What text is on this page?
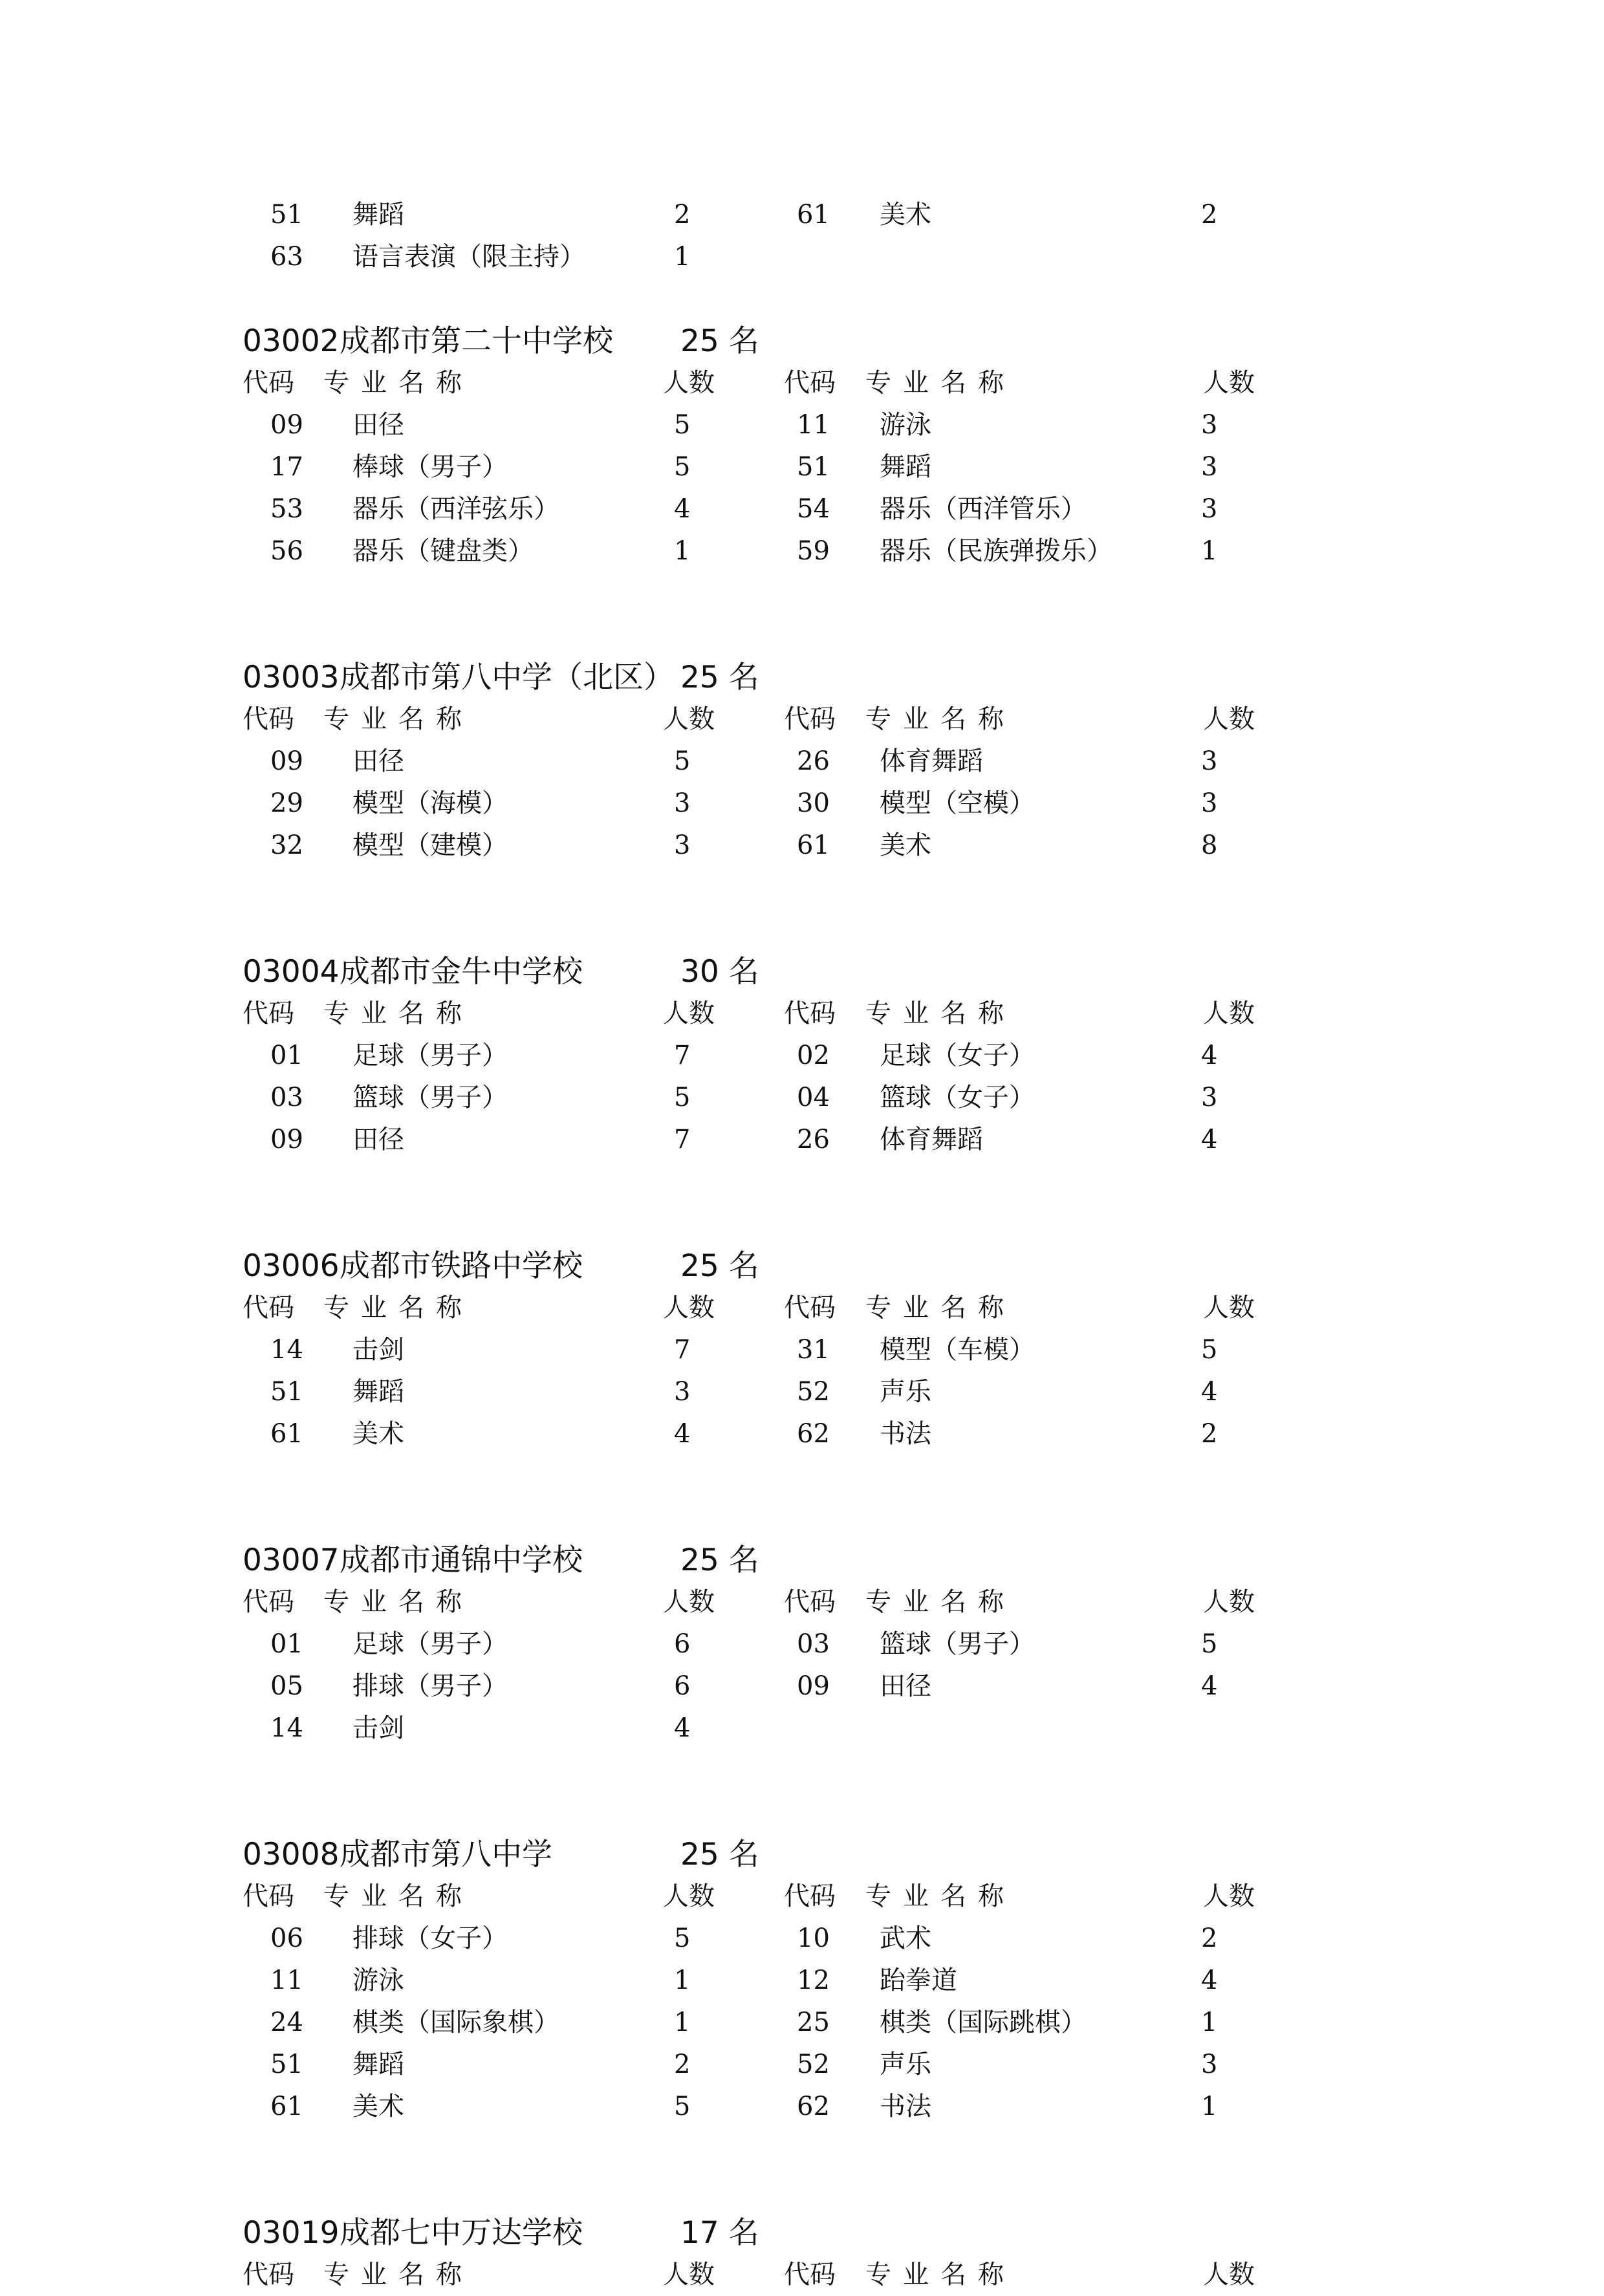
51 舞蹈	2	61 美术	2
63 语言表演（限主持）	1
03002成都市第二十中学校 25 名
代码 专业名称	人数	代码 专业名称	人数
09 田径	5	11 游泳	3
17 棒球（男子）	5	51 舞蹈	3
53 器乐（西洋弦乐）	4	54 器乐（西洋管乐）	3
56 器乐（键盘类）	1	59 器乐（民族弹拨乐）	1
03003成都市第八中学（北区） 25 名
代码 专业名称	人数	代码 专业名称	人数
09 田径	5	26 体育舞蹈	3
29 模型（海模）	3	30 模型（空模）	3
32 模型（建模）	3	61 美术	8
03004成都市金牛中学校	30 名
代码 专业名称	人数	代码 专业名称	人数
01 足球（男子）	7	02 足球（女子）	4
03 篮球（男子）	5	04 篮球（女子）	3
09 田径	7	26 体育舞蹈	4
03006成都市铁路中学校	25 名
代码 专业名称	人数	代码 专业名称	人数
14 击剑	7	31 模型（车模）	5
51 舞蹈	3	52 声乐	4
61 美术	4	62 书法	2
03007成都市通锦中学校	25 名
代码 专业名称	人数	代码 专业名称	人数
01 足球（男子）	6	03 篮球（男子）	5
05 排球（男子）	6	09 田径	4
14 击剑	4
03008成都市第八中学	25 名
代码 专业名称	人数	代码 专业名称	人数
06 排球（女子）	5	10 武术	2
11 游泳	1	12 跆拳道	4
24 棋类（国际象棋）	1	25 棋类（国际跳棋）	1
51 舞蹈	2	52 声乐	3
61 美术	5	62 书法	1
03019成都七中万达学校	17 名
代码 专业名称	人数	代码 专业名称	人数
